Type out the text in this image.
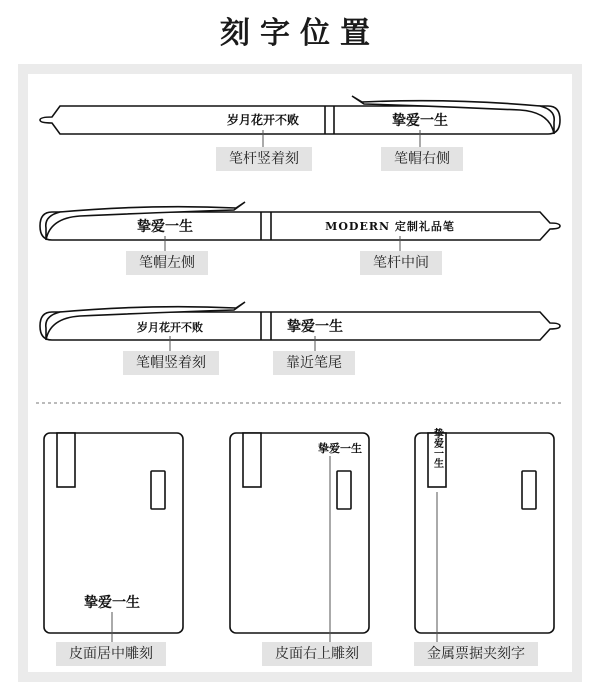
刻字位置
岁月花开不败	挚爱一生
挚爱一生	MODERN 定制礼品笔
岁月花开不败	挚爱一生
挚爱一生
挚爱一生	挚爱一生
笔杆竖着刻	笔帽右侧
笔帽左侧	笔杆中间
笔帽竖着刻	靠近笔尾
皮面居中雕刻	皮面右上雕刻	金属票据夹刻字
